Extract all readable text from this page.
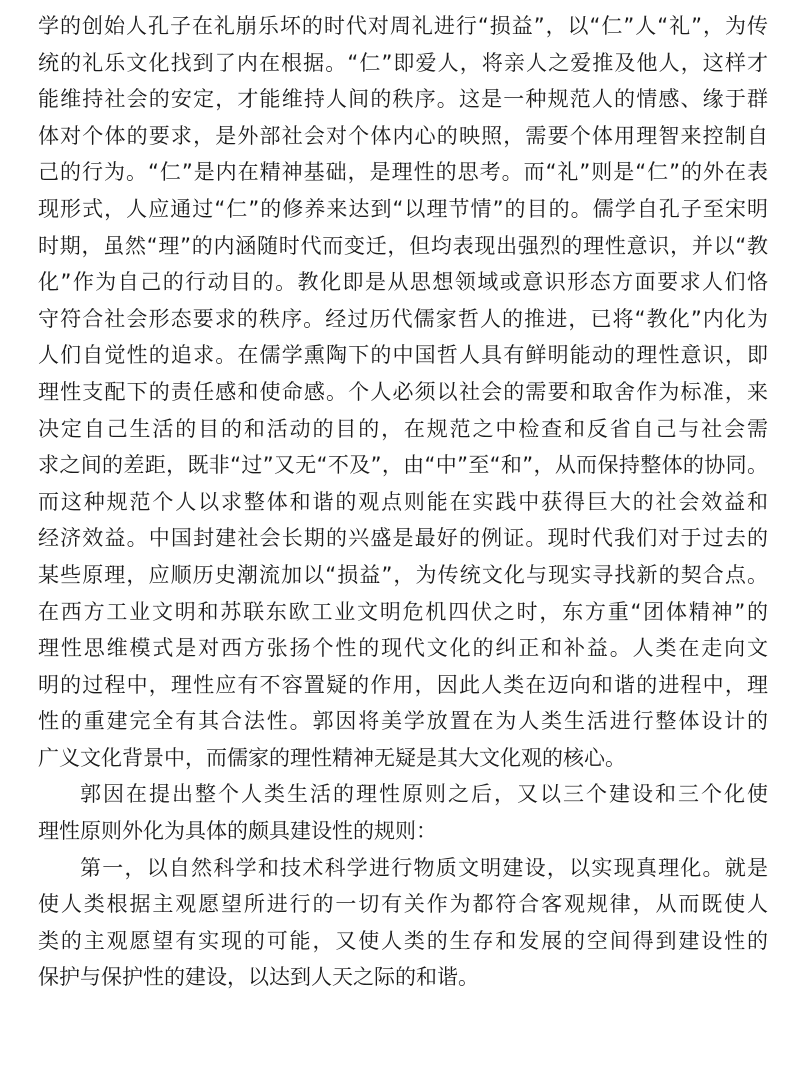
学的创始人孔子在礼崩乐坏的时代对周礼进行“损益”，以“仁”人“礼”，为传
统的礼乐文化找到了内在根据。“仁”即爱人，将亲人之爱推及他人，这样才
能维持社会的安定，才能维持人间的秩序。这是一种规范人的情感、缘于群
体对个体的要求，是外部社会对个体内心的映照，需要个体用理智来控制自
己的行为。“仁”是内在精神基础，是理性的思考。而“礼”则是“仁”的外在表
现形式，人应通过“仁”的修养来达到“以理节情”的目的。儒学自孔子至宋明
时期，虽然“理”的内涵随时代而变迁，但均表现出强烈的理性意识，并以“教
化”作为自己的行动目的。教化即是从思想领域或意识形态方面要求人们恪
守符合社会形态要求的秩序。经过历代儒家哲人的推进，已将“教化”内化为
人们自觉性的追求。在儒学熏陶下的中国哲人具有鲜明能动的理性意识，即
理性支配下的责任感和使命感。个人必须以社会的需要和取舍作为标准，来
决定自己生活的目的和活动的目的，在规范之中检查和反省自己与社会需
求之间的差距，既非“过”又无“不及”，由“中”至“和”，从而保持整体的协同。
而这种规范个人以求整体和谐的观点则能在实践中获得巨大的社会效益和
经济效益。中国封建社会长期的兴盛是最好的例证。现时代我们对于过去的
某些原理，应顺历史潮流加以“损益”，为传统文化与现实寻找新的契合点。
在西方工业文明和苏联东欧工业文明危机四伏之时，东方重“团体精神”的
理性思维模式是对西方张扬个性的现代文化的纠正和补益。人类在走向文
明的过程中，理性应有不容置疑的作用，因此人类在迈向和谐的进程中，理
性的重建完全有其合法性。郭因将美学放置在为人类生活进行整体设计的
广义文化背景中，而儒家的理性精神无疑是其大文化观的核心。
郭因在提出整个人类生活的理性原则之后，又以三个建设和三个化使
理性原则外化为具体的颇具建设性的规则：
第一，以自然科学和技术科学进行物质文明建设，以实现真理化。就是
使人类根据主观愿望所进行的一切有关作为都符合客观规律，从而既使人
类的主观愿望有实现的可能，又使人类的生存和发展的空间得到建设性的
保护与保护性的建设，以达到人天之际的和谐。
